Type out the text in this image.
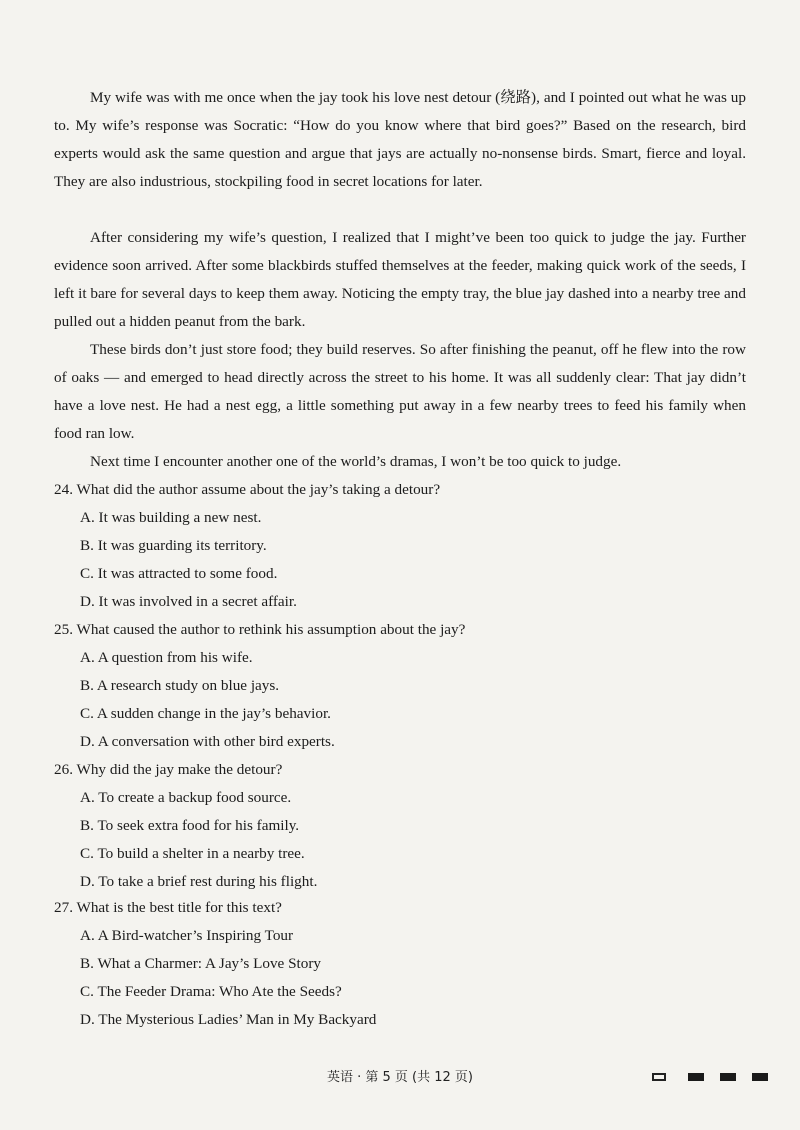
My wife was with me once when the jay took his love nest detour (绕路), and I pointed out what he was up to. My wife’s response was Socratic: “How do you know where that bird goes?” Based on the research, bird experts would ask the same question and argue that jays are actually no-nonsense birds. Smart, fierce and loyal. They are also industrious, stockpiling food in secret locations for later.

After considering my wife’s question, I realized that I might’ve been too quick to judge the jay. Further evidence soon arrived. After some blackbirds stuffed themselves at the feeder, making quick work of the seeds, I left it bare for several days to keep them away. Noticing the empty tray, the blue jay dashed into a nearby tree and pulled out a hidden peanut from the bark.

These birds don’t just store food; they build reserves. So after finishing the peanut, off he flew into the row of oaks — and emerged to head directly across the street to his home. It was all suddenly clear: That jay didn’t have a love nest. He had a nest egg, a little something put away in a few nearby trees to feed his family when food ran low.

Next time I encounter another one of the world’s dramas, I won’t be too quick to judge.

24. What did the author assume about the jay’s taking a detour?

A. It was building a new nest.

B. It was guarding its territory.

C. It was attracted to some food.

D. It was involved in a secret affair.

25. What caused the author to rethink his assumption about the jay?

A. A question from his wife.

B. A research study on blue jays.

C. A sudden change in the jay’s behavior.

D. A conversation with other bird experts.

26. Why did the jay make the detour?

A. To create a backup food source.

B. To seek extra food for his family.

C. To build a shelter in a nearby tree.

D. To take a brief rest during his flight.

27. What is the best title for this text?

A. A Bird-watcher’s Inspiring Tour

B. What a Charmer: A Jay’s Love Story

C. The Feeder Drama: Who Ate the Seeds?

D. The Mysterious Ladies’ Man in My Backyard

英语 · 第 5 页 (共 12 页)
